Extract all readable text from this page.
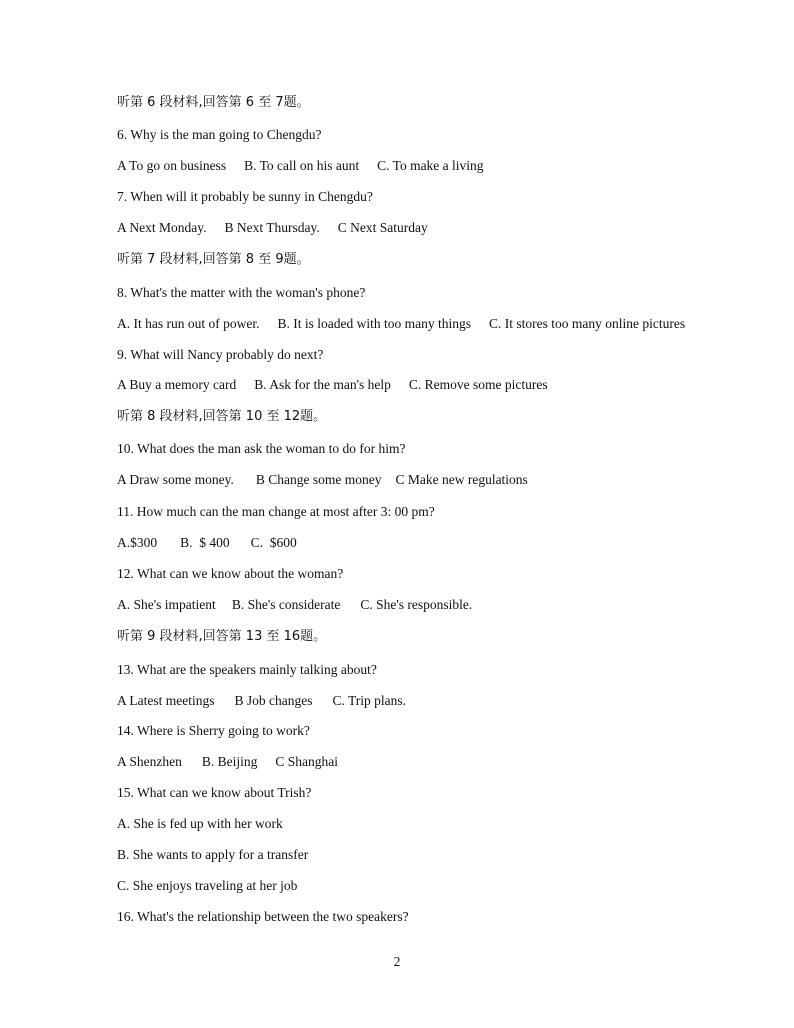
听第 6 段材料,回答第 6 至 7题。
6. Why is the man going to Chengdu?
A To go on business B. To call on his aunt C. To make a living
7. When will it probably be sunny in Chengdu?
A Next Monday. B Next Thursday. C Next Saturday
听第 7 段材料,回答第 8 至 9题。
8. What's the matter with the woman's phone?
A. It has run out of power. B. It is loaded with too many things C. It stores too many online pictures
9. What will Nancy probably do next?
A Buy a memory card B. Ask for the man's help C. Remove some pictures
听第 8 段材料,回答第 10 至 12题。
10. What does the man ask the woman to do for him?
A Draw some money. B Change some money C Make new regulations
11. How much can the man change at most after 3: 00 pm?
A.$300 B.  $ 400 C.  $600
12. What can we know about the woman?
A. She's impatient B. She's considerate C. She's responsible.
听第 9 段材料,回答第 13 至 16题。
13. What are the speakers mainly talking about?
A Latest meetings B Job changes C. Trip plans.
14. Where is Sherry going to work?
A Shenzhen B. Beijing C Shanghai
15. What can we know about Trish?
A. She is fed up with her work
B. She wants to apply for a transfer
C. She enjoys traveling at her job
16. What's the relationship between the two speakers?
2
